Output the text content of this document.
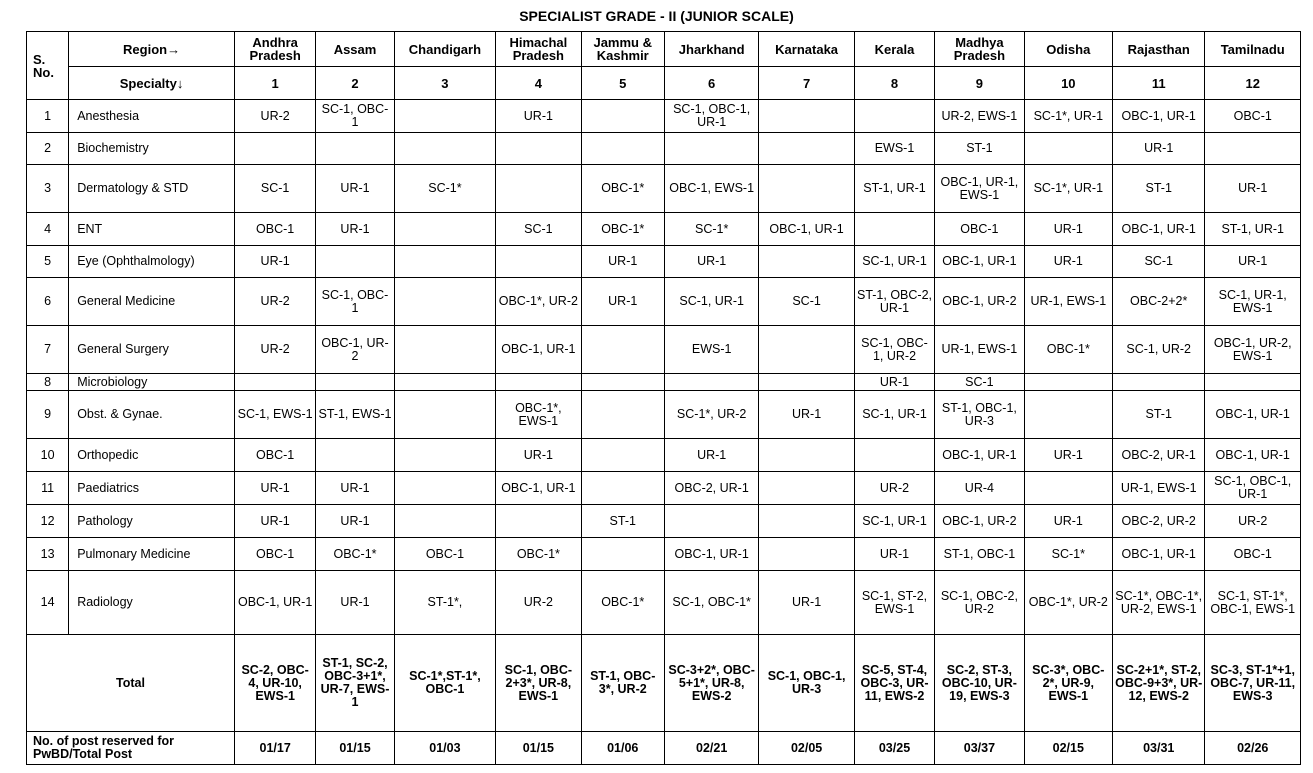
SPECIALIST GRADE - II (JUNIOR SCALE)
S. No.	Region→	Andhra Pradesh	Assam	Chandigarh	Himachal Pradesh	Jammu & Kashmir	Jharkhand	Karnataka	Kerala	Madhya Pradesh	Odisha	Rajasthan	Tamilnadu
	Specialty↓	1	2	3	4	5	6	7	8	9	10	11	12
1	Anesthesia	UR-2	SC-1, OBC-1		UR-1		SC-1, OBC-1, UR-1			UR-2, EWS-1	SC-1*, UR-1	OBC-1, UR-1	OBC-1
2	Biochemistry								EWS-1	ST-1		UR-1	
3	Dermatology & STD	SC-1	UR-1	SC-1*		OBC-1*	OBC-1, EWS-1		ST-1, UR-1	OBC-1, UR-1, EWS-1	SC-1*, UR-1	ST-1	UR-1
4	ENT	OBC-1	UR-1		SC-1	OBC-1*	SC-1*	OBC-1, UR-1		OBC-1	UR-1	OBC-1, UR-1	ST-1, UR-1
5	Eye (Ophthalmology)	UR-1				UR-1	UR-1		SC-1, UR-1	OBC-1, UR-1	UR-1	SC-1	UR-1
6	General Medicine	UR-2	SC-1, OBC-1		OBC-1*, UR-2	UR-1	SC-1, UR-1	SC-1	ST-1, OBC-2, UR-1	OBC-1, UR-2	UR-1, EWS-1	OBC-2+2*	SC-1, UR-1, EWS-1
7	General Surgery	UR-2	OBC-1, UR-2		OBC-1, UR-1		EWS-1		SC-1, OBC-1, UR-2	UR-1, EWS-1	OBC-1*	SC-1, UR-2	OBC-1, UR-2, EWS-1
8	Microbiology								UR-1	SC-1			
9	Obst. & Gynae.	SC-1, EWS-1	ST-1, EWS-1		OBC-1*, EWS-1		SC-1*, UR-2	UR-1	SC-1, UR-1	ST-1, OBC-1, UR-3		ST-1	OBC-1, UR-1
10	Orthopedic	OBC-1			UR-1		UR-1			OBC-1, UR-1	UR-1	OBC-2, UR-1	OBC-1, UR-1
11	Paediatrics	UR-1	UR-1		OBC-1, UR-1		OBC-2, UR-1		UR-2	UR-4		UR-1, EWS-1	SC-1, OBC-1, UR-1
12	Pathology	UR-1	UR-1			ST-1			SC-1, UR-1	OBC-1, UR-2	UR-1	OBC-2, UR-2	UR-2
13	Pulmonary Medicine	OBC-1	OBC-1*	OBC-1	OBC-1*		OBC-1, UR-1		UR-1	ST-1, OBC-1	SC-1*	OBC-1, UR-1	OBC-1
14	Radiology	OBC-1, UR-1	UR-1	ST-1*,	UR-2	OBC-1*	SC-1, OBC-1*	UR-1	SC-1, ST-2, EWS-1	SC-1, OBC-2, UR-2	OBC-1*, UR-2	SC-1*, OBC-1*, UR-2, EWS-1	SC-1, ST-1*, OBC-1, EWS-1
Total		SC-2, OBC-4, UR-10, EWS-1	ST-1, SC-2, OBC-3+1*, UR-7, EWS-1	SC-1*,ST-1*, OBC-1	SC-1, OBC-2+3*, UR-8, EWS-1	ST-1, OBC-3*, UR-2	SC-3+2*, OBC-5+1*, UR-8, EWS-2	SC-1, OBC-1, UR-3	SC-5, ST-4, OBC-3, UR-11, EWS-2	SC-2, ST-3, OBC-10, UR-19, EWS-3	SC-3*, OBC-2*, UR-9, EWS-1	SC-2+1*, ST-2, OBC-9+3*, UR-12, EWS-2	SC-3, ST-1*+1, OBC-7, UR-11, EWS-3
No. of post reserved for PwBD/Total Post		01/17	01/15	01/03	01/15	01/06	02/21	02/05	03/25	03/37	02/15	03/31	02/26
